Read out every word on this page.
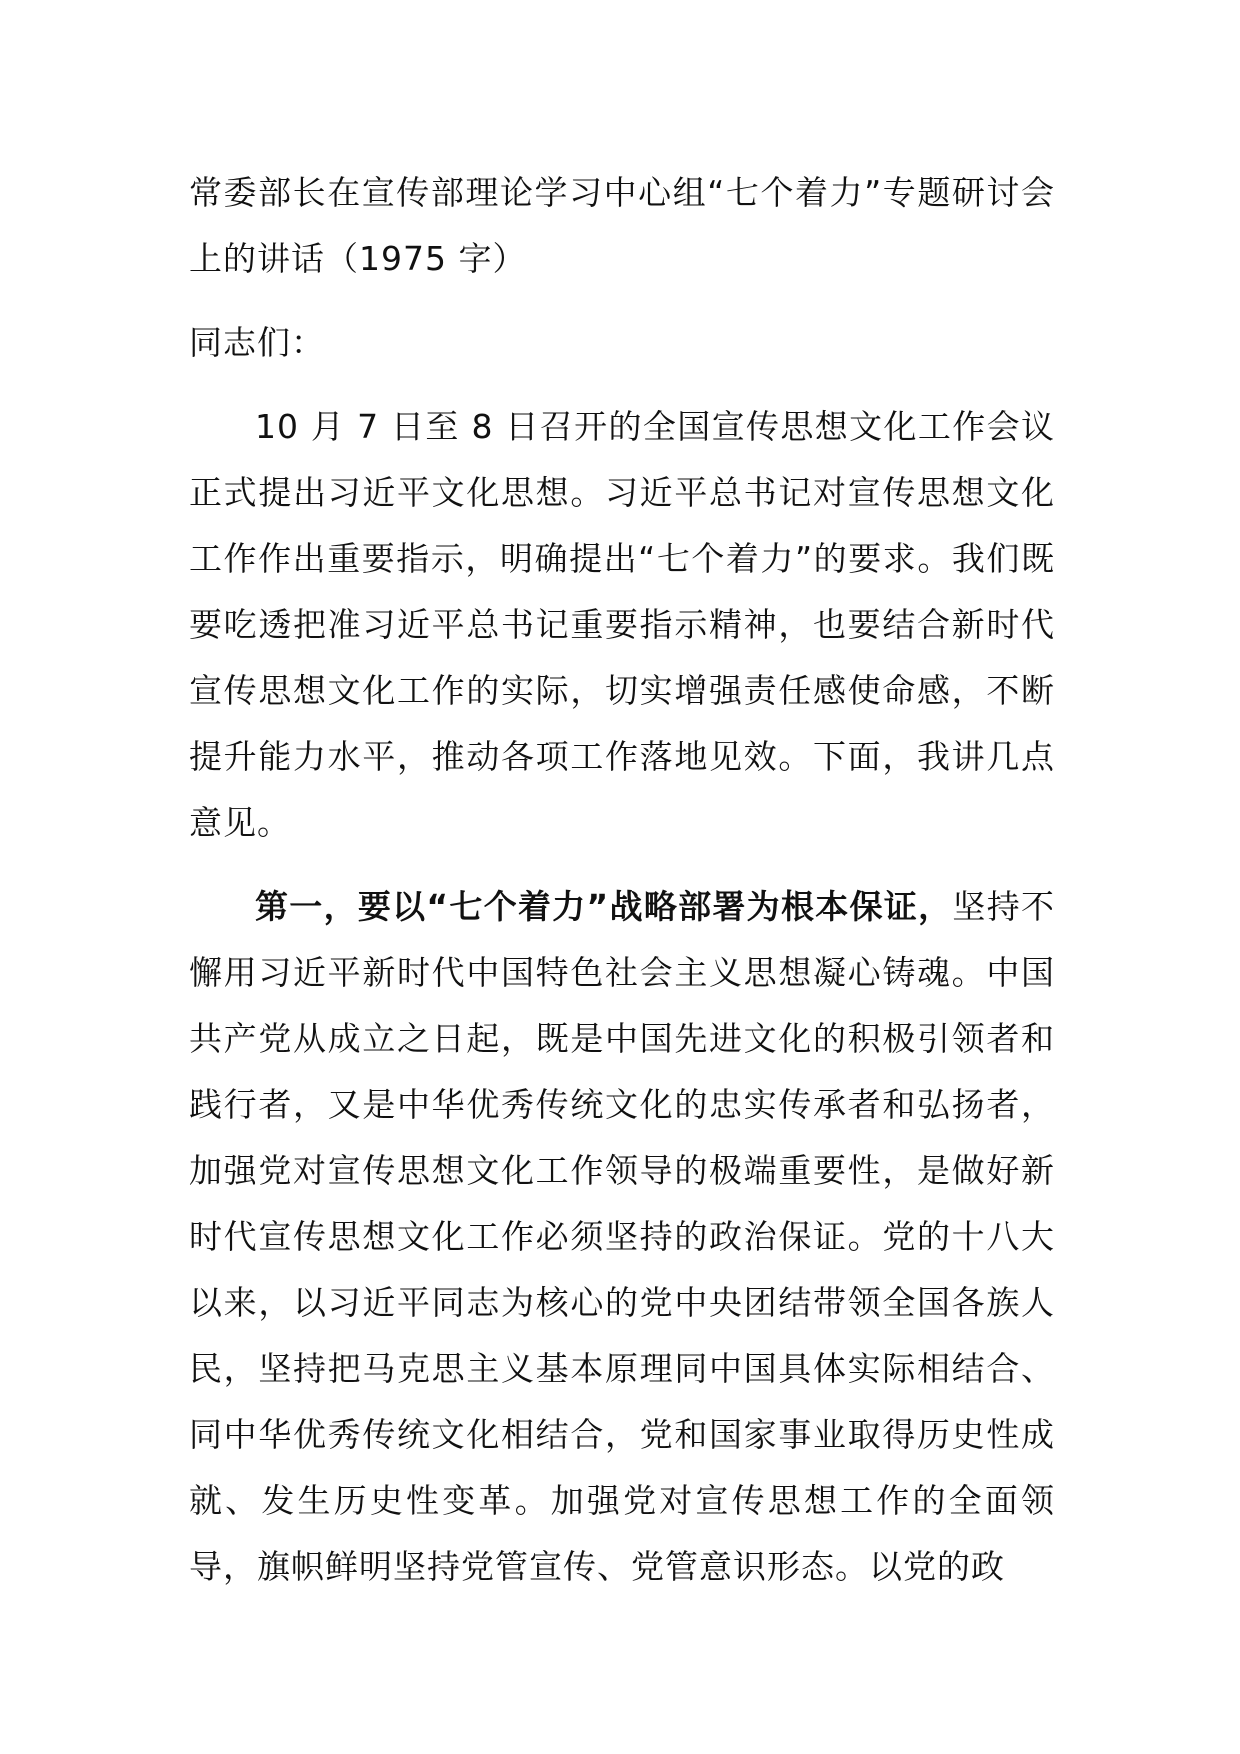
常委部长在宣传部理论学习中心组“七个着力”专题研讨会上的讲话（1975 字）

同志们：

10 月 7 日至 8 日召开的全国宣传思想文化工作会议正式提出习近平文化思想。习近平总书记对宣传思想文化工作作出重要指示，明确提出“七个着力”的要求。我们既要吃透把准习近平总书记重要指示精神，也要结合新时代宣传思想文化工作的实际，切实增强责任感使命感，不断提升能力水平，推动各项工作落地见效。下面，我讲几点意见。

第一，要以“七个着力”战略部署为根本保证，坚持不懈用习近平新时代中国特色社会主义思想凝心铸魂。中国共产党从成立之日起，既是中国先进文化的积极引领者和践行者，又是中华优秀传统文化的忠实传承者和弘扬者，加强党对宣传思想文化工作领导的极端重要性，是做好新时代宣传思想文化工作必须坚持的政治保证。党的十八大以来，以习近平同志为核心的党中央团结带领全国各族人民，坚持把马克思主义基本原理同中国具体实际相结合、同中华优秀传统文化相结合，党和国家事业取得历史性成就、发生历史性变革。加强党对宣传思想工作的全面领导，旗帜鲜明坚持党管宣传、党管意识形态。以党的政
